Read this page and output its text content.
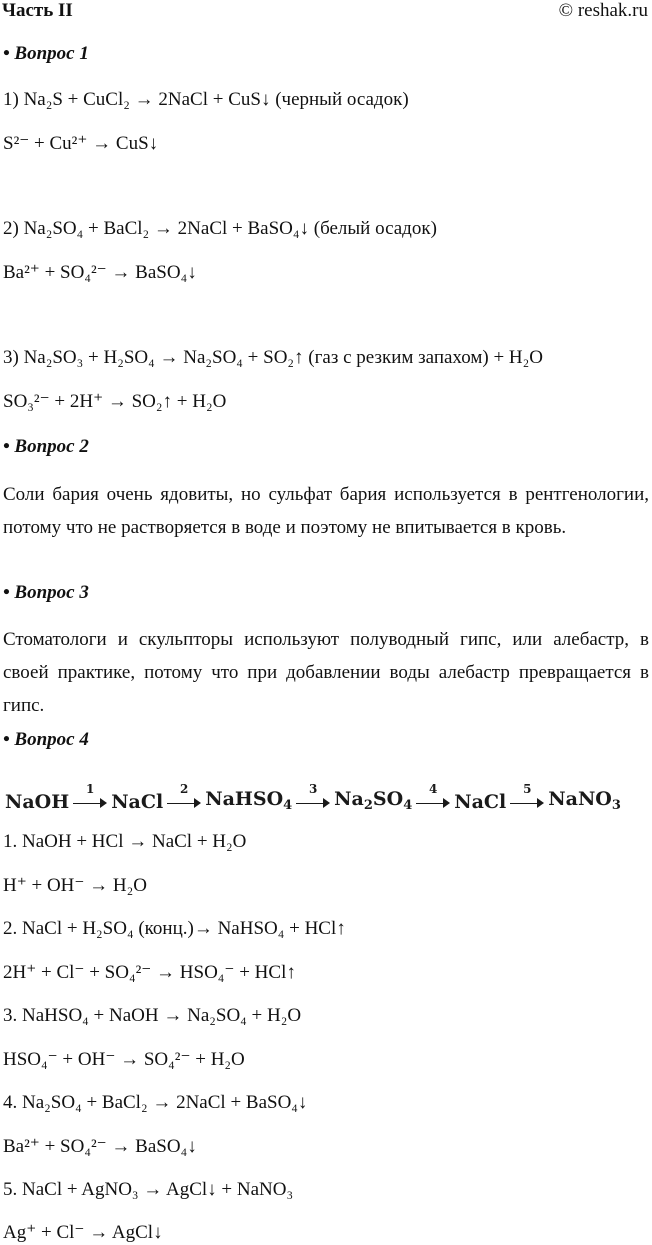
Часть II	© reshak.ru
• Вопрос 1
1) Na₂S + CuCl₂ → 2NaCl + CuS↓ (черный осадок)
S²⁻ + Cu²⁺ → CuS↓
2) Na₂SO₄ + BaCl₂ → 2NaCl + BaSO₄↓ (белый осадок)
Ba²⁺ + SO₄²⁻ → BaSO₄↓
3) Na₂SO₃ + H₂SO₄ → Na₂SO₄ + SO₂↑ (газ с резким запахом) + H₂O
SO₃²⁻ + 2H⁺ → SO₂↑ + H₂O
• Вопрос 2
Соли бария очень ядовиты, но сульфат бария используется в рентгенологии, потому что не растворяется в воде и поэтому не впитывается в кровь.
• Вопрос 3
Стоматологи и скульпторы используют полуводный гипс, или алебастр, в своей практике, потому что при добавлении воды алебастр превращается в гипс.
• Вопрос 4
NaOH
1
NaCl
2 NaHSO$_4$
3 $Na_2SO_4$
4
NaCl
5 NaNO$_3$
1. NaOH + HCl → NaCl + H₂O
H⁺ + OH⁻ → H₂O
2. NaCl + H₂SO₄ (конц.)→ NaHSO₄ + HCl↑
2H⁺ + Cl⁻ + SO₄²⁻ → HSO₄⁻ + HCl↑
3. NaHSO₄ + NaOH → Na₂SO₄ + H₂O
HSO₄⁻ + OH⁻ → SO₄²⁻ + H₂O
4. Na₂SO₄ + BaCl₂ → 2NaCl + BaSO₄↓
Ba²⁺ + SO₄²⁻ → BaSO₄↓
5. NaCl + AgNO₃ → AgCl↓ + NaNO₃
Ag⁺ + Cl⁻ → AgCl↓
